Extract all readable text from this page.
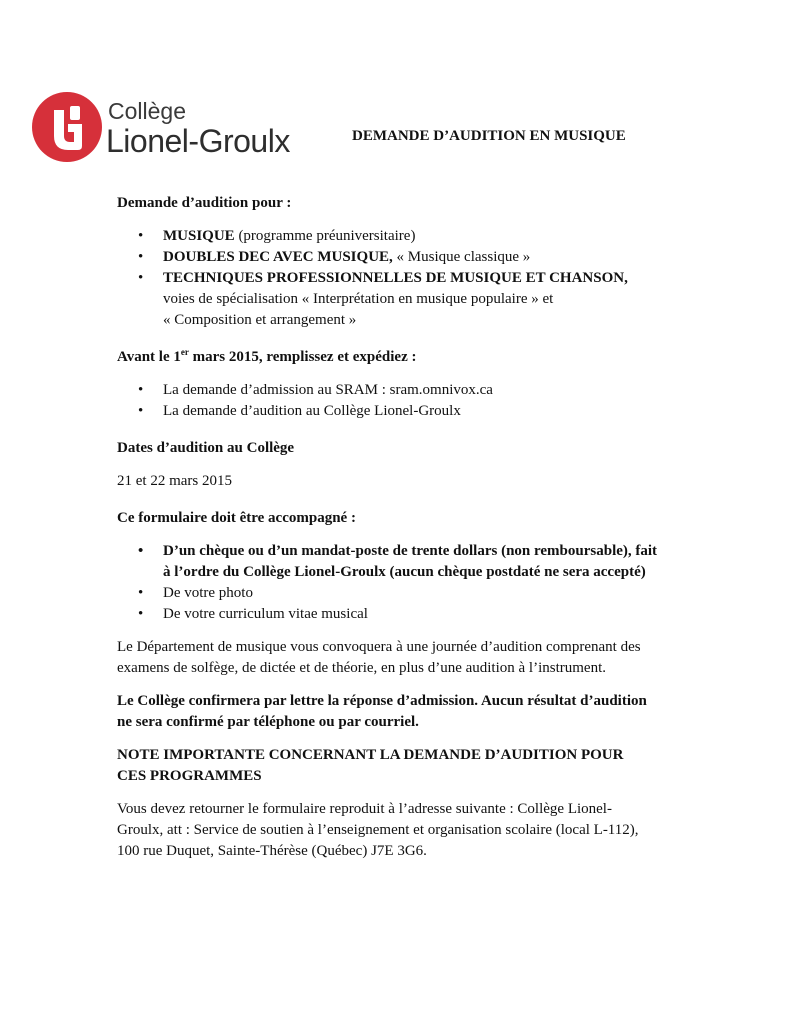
Collège
Lionel-Groulx	DEMANDE D’AUDITION EN MUSIQUE

Demande d’audition pour :

• MUSIQUE (programme préuniversitaire)
• DOUBLES DEC AVEC MUSIQUE, « Musique classique »
• TECHNIQUES PROFESSIONNELLES DE MUSIQUE ET CHANSON,
voies de spécialisation « Interprétation en musique populaire » et
« Composition et arrangement »

Avant le 1er mars 2015, remplissez et expédiez :

• La demande d’admission au SRAM : sram.omnivox.ca
• La demande d’audition au Collège Lionel-Groulx

Dates d’audition au Collège

21 et 22 mars 2015

Ce formulaire doit être accompagné :

• D’un chèque ou d’un mandat-poste de trente dollars (non remboursable), fait
à l’ordre du Collège Lionel-Groulx (aucun chèque postdaté ne sera accepté)
• De votre photo
• De votre curriculum vitae musical

Le Département de musique vous convoquera à une journée d’audition comprenant des
examens de solfège, de dictée et de théorie, en plus d’une audition à l’instrument.

Le Collège confirmera par lettre la réponse d’admission. Aucun résultat d’audition
ne sera confirmé par téléphone ou par courriel.

NOTE IMPORTANTE CONCERNANT LA DEMANDE D’AUDITION POUR
CES PROGRAMMES

Vous devez retourner le formulaire reproduit à l’adresse suivante : Collège Lionel-
Groulx, att : Service de soutien à l’enseignement et organisation scolaire (local L-112),
100 rue Duquet, Sainte-Thérèse (Québec) J7E 3G6.
